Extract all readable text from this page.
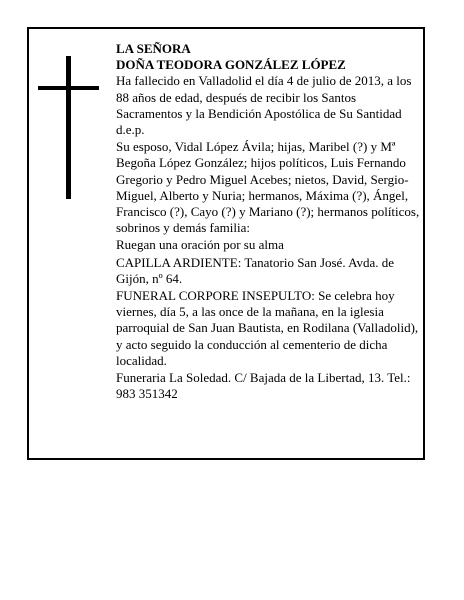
LA SEÑORA

DOÑA TEODORA GONZÁLEZ LÓPEZ

Ha fallecido en Valladolid el día 4 de julio de 2013, a los 88 años de edad, después de recibir los Santos Sacramentos y la Bendición Apostólica de Su Santidad d.e.p.

Su esposo, Vidal López Ávila; hijas, Maribel (?) y Mª Begoña López González; hijos políticos, Luis Fernando Gregorio y Pedro Miguel Acebes; nietos, David, Sergio-Miguel, Alberto y Nuria; hermanos, Máxima (?), Ángel, Francisco (?), Cayo (?) y Mariano (?); hermanos políticos, sobrinos y demás familia:

Ruegan una oración por su alma

CAPILLA ARDIENTE: Tanatorio San José. Avda. de Gijón, nº 64.

FUNERAL CORPORE INSEPULTO: Se celebra hoy viernes, día 5, a las once de la mañana, en la iglesia parroquial de San Juan Bautista, en Rodilana (Valladolid), y acto seguido la conducción al cementerio de dicha localidad.

Funeraria La Soledad. C/ Bajada de la Libertad, 13. Tel.: 983 351342
